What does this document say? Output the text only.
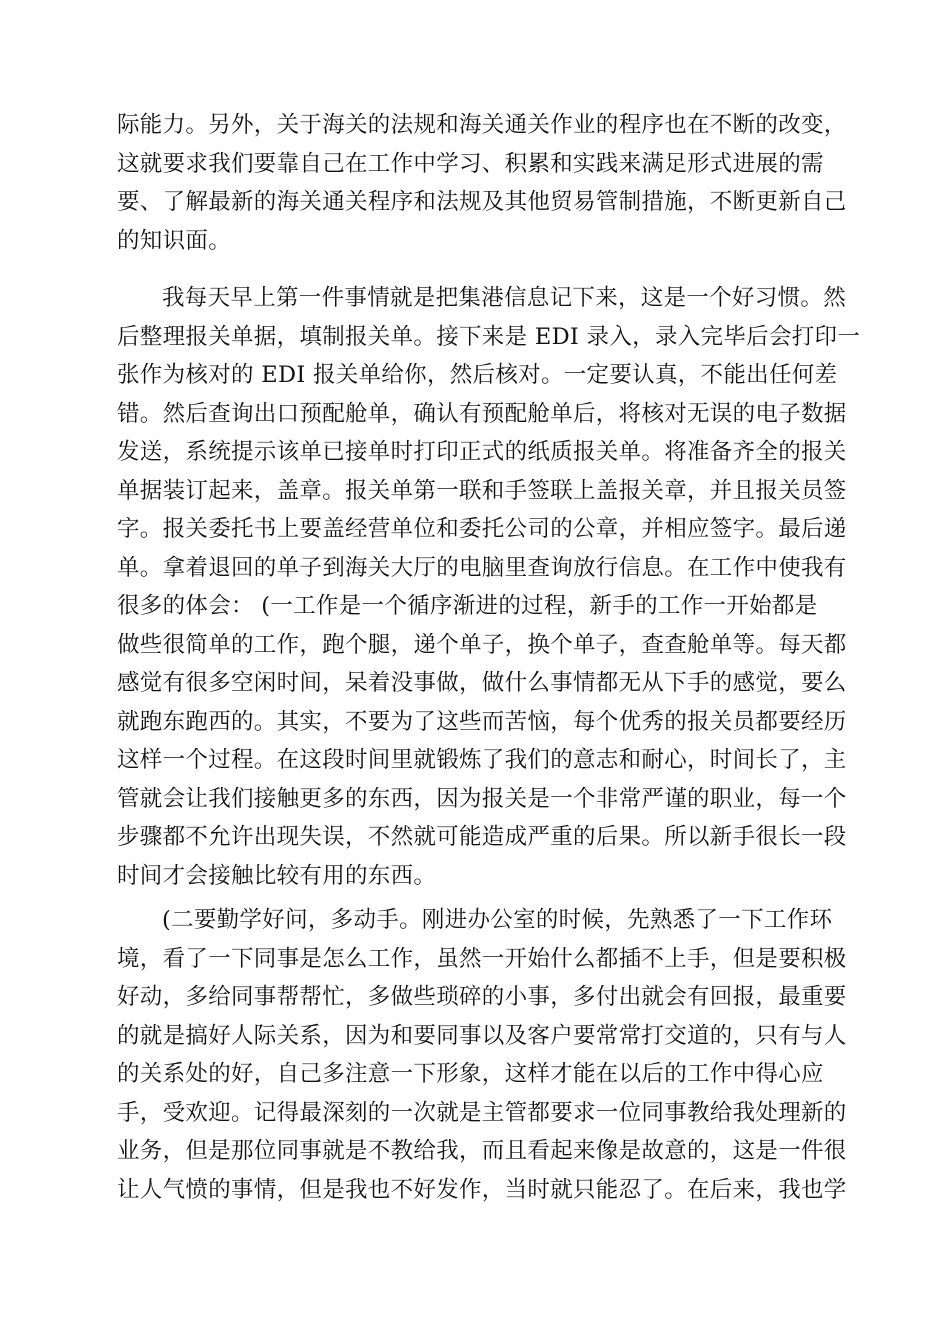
际能力。另外，关于海关的法规和海关通关作业的程序也在不断的改变，
这就要求我们要靠自己在工作中学习、积累和实践来满足形式进展的需
要、了解最新的海关通关程序和法规及其他贸易管制措施，不断更新自己
的知识面。
我每天早上第一件事情就是把集港信息记下来，这是一个好习惯。然
后整理报关单据，填制报关单。接下来是 EDI 录入，录入完毕后会打印一
张作为核对的 EDI 报关单给你，然后核对。一定要认真，不能出任何差
错。然后查询出口预配舱单，确认有预配舱单后，将核对无误的电子数据
发送，系统提示该单已接单时打印正式的纸质报关单。将准备齐全的报关
单据装订起来，盖章。报关单第一联和手签联上盖报关章，并且报关员签
字。报关委托书上要盖经营单位和委托公司的公章，并相应签字。最后递
单。拿着退回的单子到海关大厅的电脑里查询放行信息。在工作中使我有
很多的体会： (一工作是一个循序渐进的过程，新手的工作一开始都是
做些很简单的工作，跑个腿，递个单子，换个单子，查查舱单等。每天都
感觉有很多空闲时间，呆着没事做，做什么事情都无从下手的感觉，要么
就跑东跑西的。其实，不要为了这些而苦恼，每个优秀的报关员都要经历
这样一个过程。在这段时间里就锻炼了我们的意志和耐心，时间长了，主
管就会让我们接触更多的东西，因为报关是一个非常严谨的职业，每一个
步骤都不允许出现失误，不然就可能造成严重的后果。所以新手很长一段
时间才会接触比较有用的东西。
(二要勤学好问，多动手。刚进办公室的时候，先熟悉了一下工作环
境，看了一下同事是怎么工作，虽然一开始什么都插不上手，但是要积极
好动，多给同事帮帮忙，多做些琐碎的小事，多付出就会有回报，最重要
的就是搞好人际关系，因为和要同事以及客户要常常打交道的，只有与人
的关系处的好，自己多注意一下形象，这样才能在以后的工作中得心应
手，受欢迎。记得最深刻的一次就是主管都要求一位同事教给我处理新的
业务，但是那位同事就是不教给我，而且看起来像是故意的，这是一件很
让人气愤的事情，但是我也不好发作，当时就只能忍了。在后来，我也学
